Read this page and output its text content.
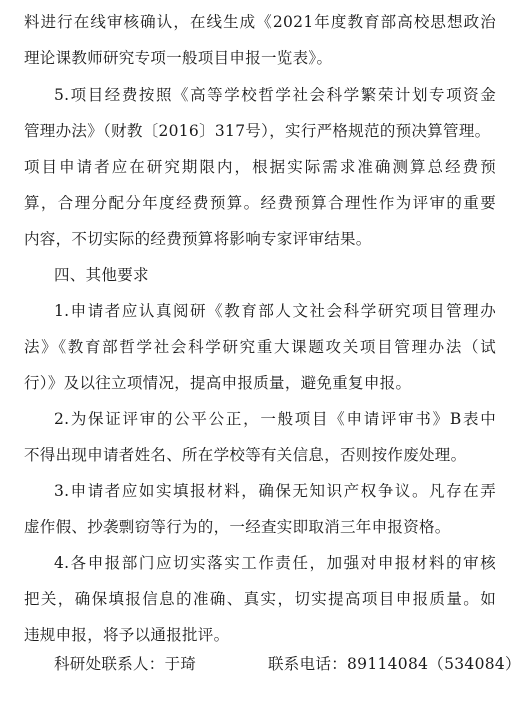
料进行在线审核确认，在线生成《2021年度教育部高校思想政治
理论课教师研究专项一般项目申报一览表》。
5.项目经费按照《高等学校哲学社会科学繁荣计划专项资金
管理办法》（财教〔2016〕317号），实行严格规范的预决算管理。
项目申请者应在研究期限内，根据实际需求准确测算总经费预
算，合理分配分年度经费预算。经费预算合理性作为评审的重要
内容，不切实际的经费预算将影响专家评审结果。
四、其他要求
1.申请者应认真阅研《教育部人文社会科学研究项目管理办
法》《教育部哲学社会科学研究重大课题攻关项目管理办法（试
行）》及以往立项情况，提高申报质量，避免重复申报。
2.为保证评审的公平公正，一般项目《申请评审书》B表中
不得出现申请者姓名、所在学校等有关信息，否则按作废处理。
3.申请者应如实填报材料，确保无知识产权争议。凡存在弄
虚作假、抄袭剽窃等行为的，一经查实即取消三年申报资格。
4.各申报部门应切实落实工作责任，加强对申报材料的审核
把关，确保填报信息的准确、真实，切实提高项目申报质量。如
违规申报，将予以通报批评。
科研处联系人：于琦	联系电话：89114084（534084）
